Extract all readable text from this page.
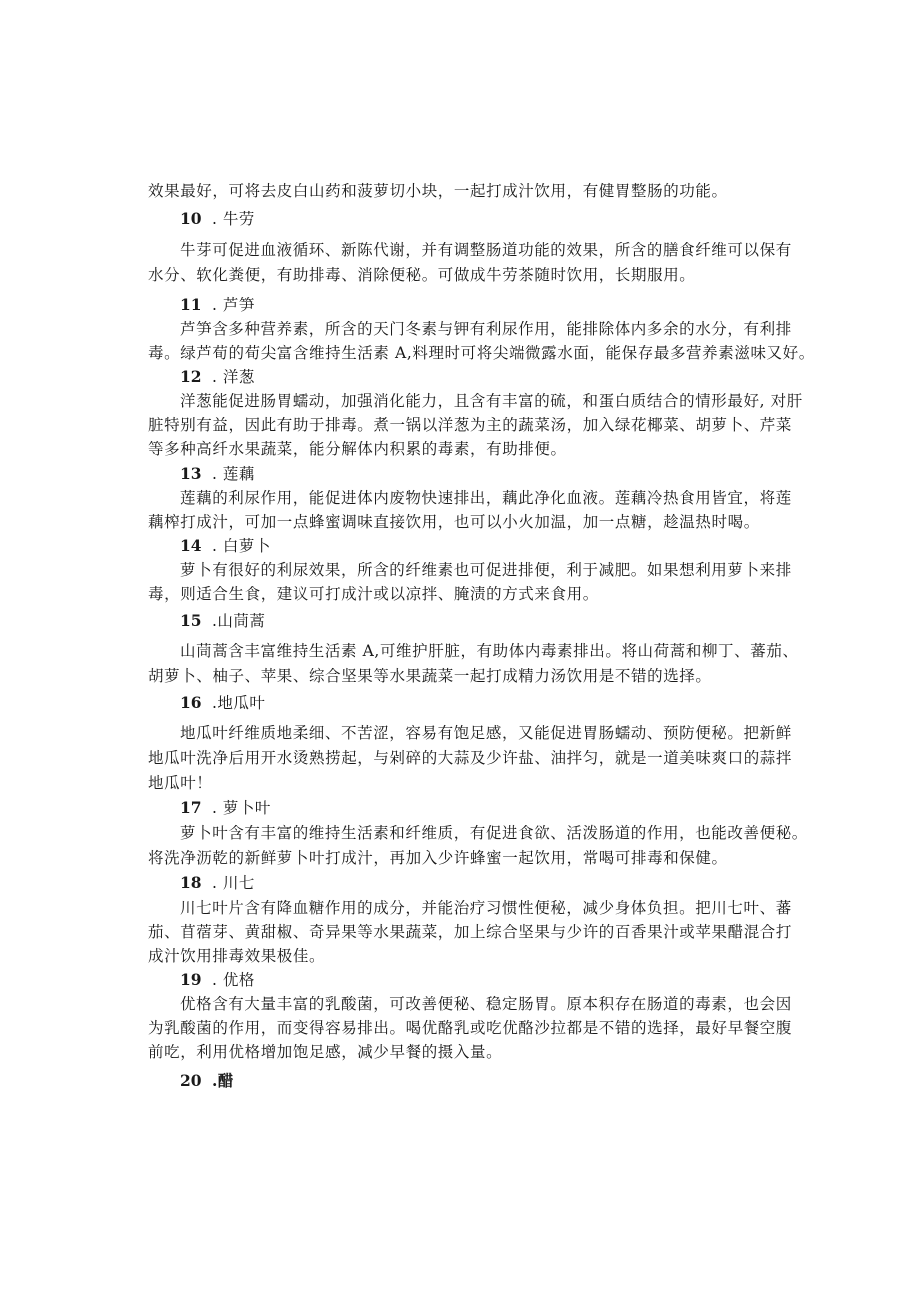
效果最好，可将去皮白山药和菠萝切小块，一起打成汁饮用，有健胃整肠的功能。
10 . 牛劳
牛芽可促进血液循环、新陈代谢，并有调整肠道功能的效果，所含的膳食纤维可以保有
水分、软化粪便，有助排毒、消除便秘。可做成牛劳茶随时饮用，长期服用。
11 . 芦笋
芦笋含多种营养素，所含的天门冬素与钾有利尿作用，能排除体内多余的水分，有利排
毒。绿芦荀的荀尖富含维持生活素 A,料理时可将尖端微露水面，能保存最多营养素滋味又好。
12 . 洋葱
洋葱能促进肠胃蠕动，加强消化能力，且含有丰富的硫，和蛋白质结合的情形最好, 对肝
脏特别有益，因此有助于排毒。煮一锅以洋葱为主的蔬菜汤，加入绿花椰菜、胡萝卜、芹菜
等多种高纤水果蔬菜，能分解体内积累的毒素，有助排便。
13 . 莲藕
莲藕的利尿作用，能促进体内废物快速排出，藕此净化血液。莲藕冷热食用皆宜，将莲
藕榨打成汁，可加一点蜂蜜调味直接饮用，也可以小火加温，加一点糖，趁温热时喝。
14 . 白萝卜
萝卜有很好的利尿效果，所含的纤维素也可促进排便，利于减肥。如果想利用萝卜来排
毒，则适合生食，建议可打成汁或以凉拌、腌渍的方式来食用。
15 .山茼蒿
山茼蒿含丰富维持生活素 A,可维护肝脏，有助体内毒素排出。将山荷蒿和柳丁、蕃茄、
胡萝卜、柚子、苹果、综合坚果等水果蔬菜一起打成精力汤饮用是不错的选择。
16 .地瓜叶
地瓜叶纤维质地柔细、不苦涩，容易有饱足感，又能促进胃肠蠕动、预防便秘。把新鲜
地瓜叶洗净后用开水烫熟捞起，与剁碎的大蒜及少许盐、油拌匀，就是一道美味爽口的蒜拌
地瓜叶！
17 . 萝卜叶
萝卜叶含有丰富的维持生活素和纤维质，有促进食欲、活泼肠道的作用，也能改善便秘。
将洗净沥乾的新鲜萝卜叶打成汁，再加入少许蜂蜜一起饮用，常喝可排毒和保健。
18 . 川七
川七叶片含有降血糖作用的成分，并能治疗习惯性便秘，减少身体负担。把川七叶、蕃
茄、苜蓿芽、黄甜椒、奇异果等水果蔬菜，加上综合坚果与少许的百香果汁或苹果醋混合打
成汁饮用排毒效果极佳。
19 . 优格
优格含有大量丰富的乳酸菌，可改善便秘、稳定肠胃。原本积存在肠道的毒素，也会因
为乳酸菌的作用，而变得容易排出。喝优酪乳或吃优酪沙拉都是不错的选择，最好早餐空腹
前吃，利用优格增加饱足感，减少早餐的摄入量。
20 .醋
